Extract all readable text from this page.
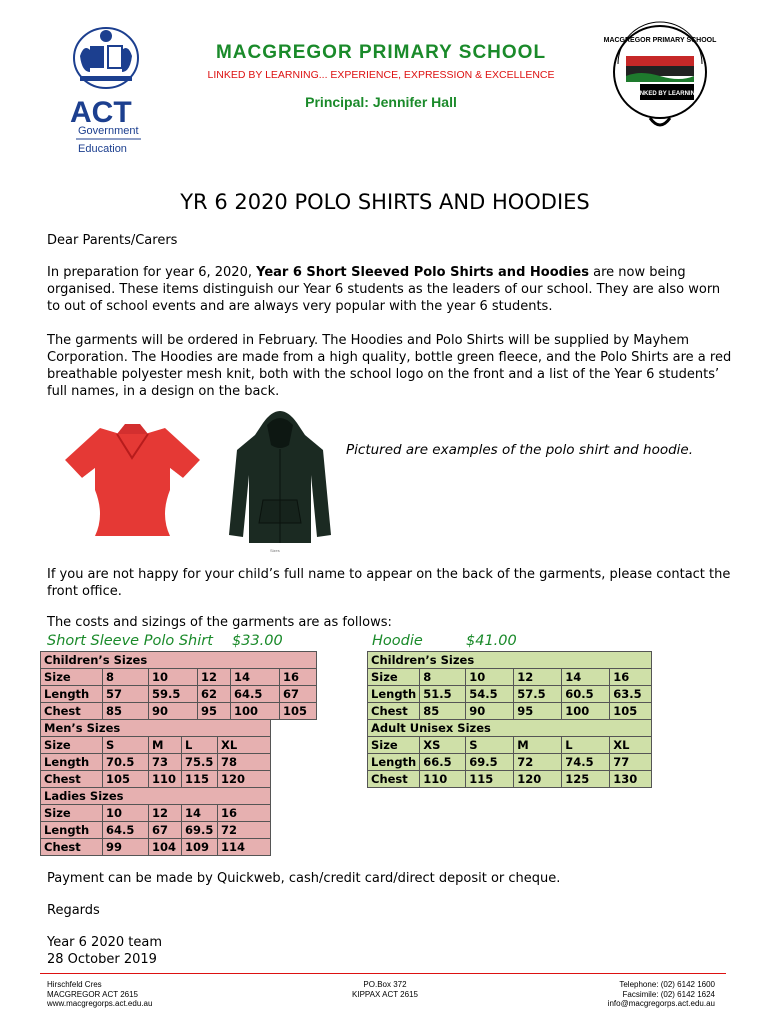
ACT
Government
Education
MACGREGOR PRIMARY SCHOOL
LINKED BY LEARNING... EXPERIENCE, EXPRESSION & EXCELLENCE
Principal: Jennifer Hall
MACGREGOR PRIMARY SCHOOL
LINKED BY LEARNING
YR 6 2020 POLO SHIRTS AND HOODIES
Dear Parents/Carers
In preparation for year 6, 2020, Year 6 Short Sleeved Polo Shirts and Hoodies are now being organised. These items distinguish our Year 6 students as the leaders of our school. They are also worn to out of school events and are always very popular with the year 6 students.
The garments will be ordered in February. The Hoodies and Polo Shirts will be supplied by Mayhem Corporation. The Hoodies are made from a high quality, bottle green fleece, and the Polo Shirts are a red breathable polyester mesh knit, both with the school logo on the front and a list of the Year 6 students’ full names, in a design on the back.
Sizes
Pictured are examples of the polo shirt and hoodie.
If you are not happy for your child’s full name to appear on the back of the garments, please contact the front office.
The costs and sizings of the garments are as follows:
Short Sleeve Polo Shirt $33.00	Hoodie	$41.00
Children’s Sizes					
Size	8	10	12	14	16
Length	57	59.5	62	64.5	67
Chest	85	90	95	100	105
Men’s Sizes				
Size	S	M	L	XL
Length	70.5	73	75.5	78
Chest	105	110	115	120
Ladies Sizes				
Size	10	12	14	16
Length	64.5	67	69.5	72
Chest	99	104	109	114
Children’s Sizes					
Size	8	10	12	14	16
Length	51.5	54.5	57.5	60.5	63.5
Chest	85	90	95	100	105
Adult Unisex Sizes					
Size	XS	S	M	L	XL
Length	66.5	69.5	72	74.5	77
Chest	110	115	120	125	130
Payment can be made by Quickweb, cash/credit card/direct deposit or cheque.
Regards
Year 6 2020 team
28 October 2019
Hirschfeld Cres
MACGREGOR ACT 2615
www.macgregorps.act.edu.au
PO.Box 372
KIPPAX ACT 2615
Telephone: (02) 6142 1600
Facsimile: (02) 6142 1624
info@macgregorps.act.edu.au
